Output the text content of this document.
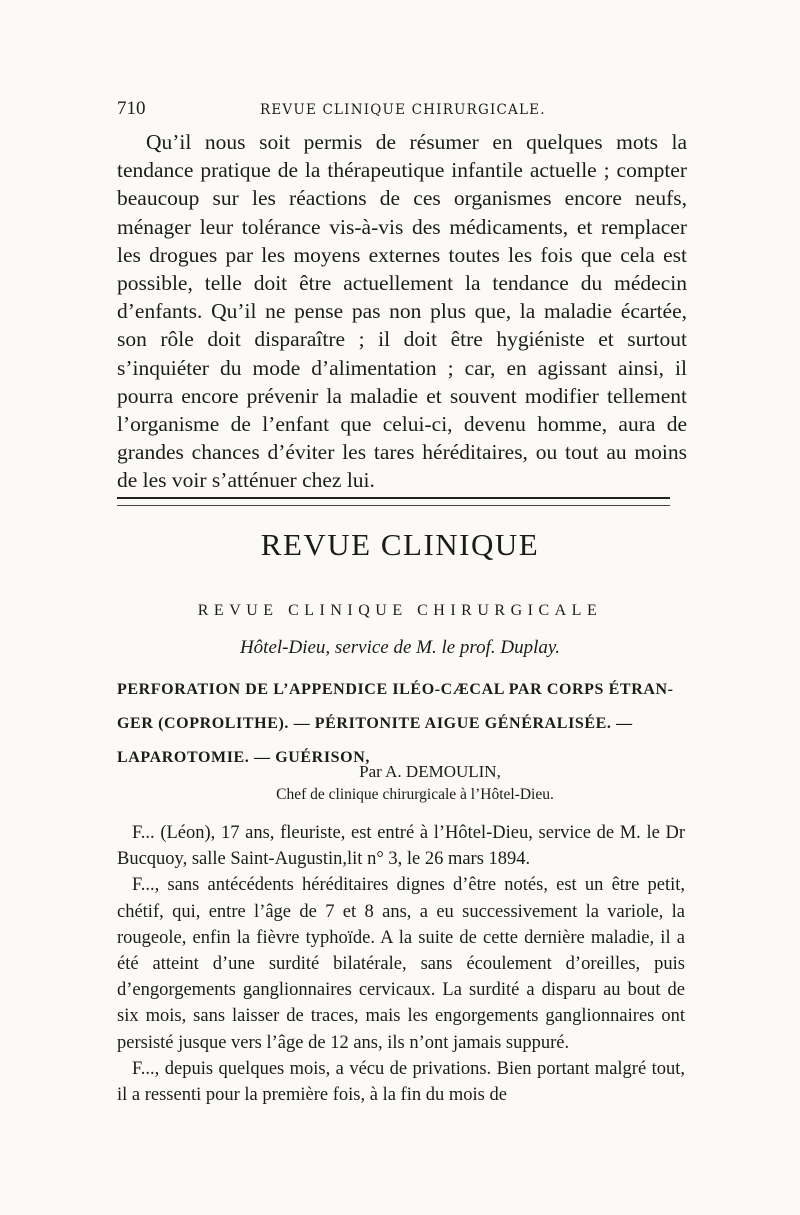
710	REVUE CLINIQUE CHIRURGICALE.
Qu’il nous soit permis de résumer en quelques mots la tendance pratique de la thérapeutique infantile actuelle ; compter beaucoup sur les réactions de ces organismes encore neufs, ménager leur tolérance vis-à-vis des médicaments, et remplacer les drogues par les moyens externes toutes les fois que cela est possible, telle doit être actuellement la tendance du médecin d’enfants. Qu’il ne pense pas non plus que, la maladie écartée, son rôle doit disparaître ; il doit être hygiéniste et surtout s’inquiéter du mode d’alimentation ; car, en agissant ainsi, il pourra encore prévenir la maladie et souvent modifier tellement l’organisme de l’enfant que celui-ci, devenu homme, aura de grandes chances d’éviter les tares héréditaires, ou tout au moins de les voir s’atténuer chez lui.
REVUE CLINIQUE
REVUE CLINIQUE CHIRURGICALE
Hôtel-Dieu, service de M. le prof. Duplay.
PERFORATION DE L’APPENDICE ILÉO-CÆCAL PAR CORPS ÉTRAN-
GER (COPROLITHE). — PÉRITONITE AIGUE GÉNÉRALISÉE. —
LAPAROTOMIE. — GUÉRISON,
Par A. DEMOULIN,
Chef de clinique chirurgicale à l’Hôtel-Dieu.

F... (Léon), 17 ans, fleuriste, est entré à l’Hôtel-Dieu, service de M. le Dr Bucquoy, salle Saint-Augustin,lit n° 3, le 26 mars 1894.

F..., sans antécédents héréditaires dignes d’être notés, est un être petit, chétif, qui, entre l’âge de 7 et 8 ans, a eu successivement la variole, la rougeole, enfin la fièvre typhoïde. A la suite de cette dernière maladie, il a été atteint d’une surdité bilatérale, sans écoulement d’oreilles, puis d’engorgements ganglionnaires cervicaux. La surdité a disparu au bout de six mois, sans laisser de traces, mais les engorgements ganglionnaires ont persisté jusque vers l’âge de 12 ans, ils n’ont jamais suppuré.

F..., depuis quelques mois, a vécu de privations. Bien portant malgré tout, il a ressenti pour la première fois, à la fin du mois de
